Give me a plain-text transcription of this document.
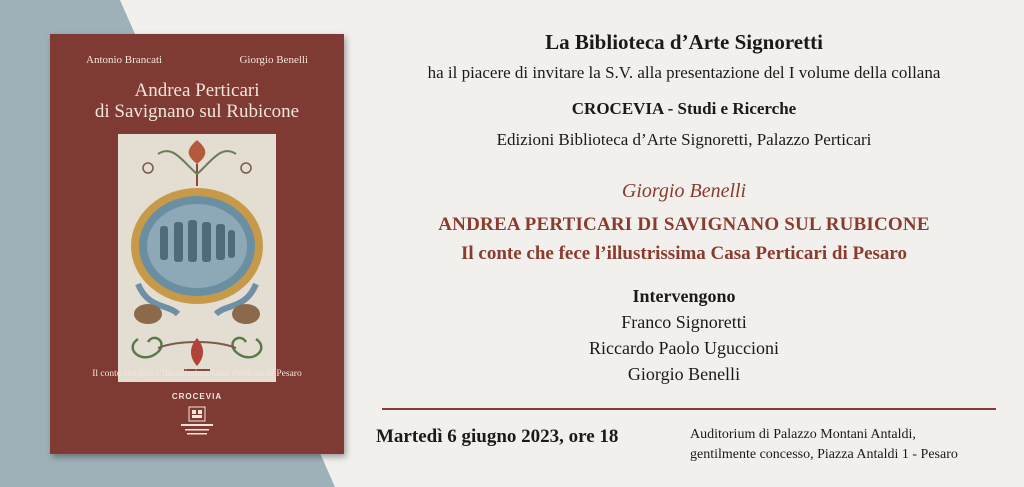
Antonio Brancati	Giorgio Benelli
Andrea Perticari
di Savignano sul Rubicone
Il conte che fece l’illustrissima Casa Perticari di Pesaro
CROCEVIA
La Biblioteca d’Arte Signoretti
ha il piacere di invitare la S.V. alla presentazione del I volume della collana
CROCEVIA - Studi e Ricerche
Edizioni Biblioteca d’Arte Signoretti, Palazzo Perticari
Giorgio Benelli
ANDREA PERTICARI DI SAVIGNANO SUL RUBICONE
Il conte che fece l’illustrissima Casa Perticari di Pesaro
Intervengono
Franco Signoretti
Riccardo Paolo Uguccioni
Giorgio Benelli
Martedì 6 giugno 2023, ore 18	Auditorium di Palazzo Montani Antaldi,
gentilmente concesso, Piazza Antaldi 1 - Pesaro
